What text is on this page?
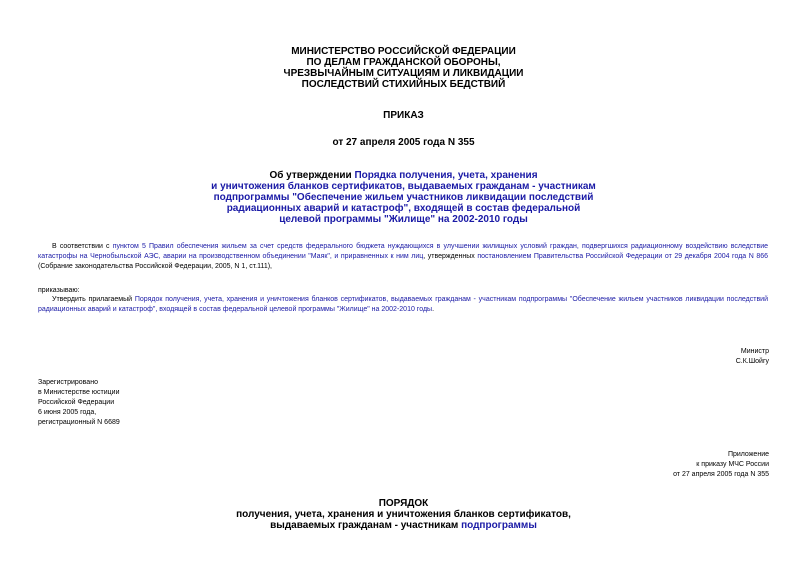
МИНИСТЕРСТВО РОССИЙСКОЙ ФЕДЕРАЦИИ
ПО ДЕЛАМ ГРАЖДАНСКОЙ ОБОРОНЫ,
ЧРЕЗВЫЧАЙНЫМ СИТУАЦИЯМ И ЛИКВИДАЦИИ
ПОСЛЕДСТВИЙ СТИХИЙНЫХ БЕДСТВИЙ
ПРИКАЗ
от 27 апреля 2005 года N 355
Об утверждении Порядка получения, учета, хранения
и уничтожения бланков сертификатов, выдаваемых гражданам - участникам
подпрограммы "Обеспечение жильем участников ликвидации последствий
радиационных аварий и катастроф", входящей в состав федеральной
целевой программы "Жилище" на 2002-2010 годы

В соответствии с пунктом 5 Правил обеспечения жильем за счет средств федерального бюджета нуждающихся в улучшении жилищных условий граждан, подвергшихся радиационному воздействию вследствие катастрофы на Чернобыльской АЭС, аварии на производственном объединении "Маяк", и приравненных к ним лиц, утвержденных постановлением Правительства Российской Федерации от 29 декабря 2004 года N 866 (Собрание законодательства Российской Федерации, 2005, N 1, ст.111),

приказываю:

Утвердить прилагаемый Порядок получения, учета, хранения и уничтожения бланков сертификатов, выдаваемых гражданам - участникам подпрограммы "Обеспечение жильем участников ликвидации последствий радиационных аварий и катастроф", входящей в состав федеральной целевой программы "Жилище" на 2002-2010 годы.

Министр
С.К.Шойгу
Зарегистрировано
в Министерстве юстиции
Российской Федерации
6 июня 2005 года,
регистрационный N 6689
Приложение
к приказу МЧС России
от 27 апреля 2005 года N 355
ПОРЯДОК
получения, учета, хранения и уничтожения бланков сертификатов,
выдаваемых гражданам - участникам подпрограммы
